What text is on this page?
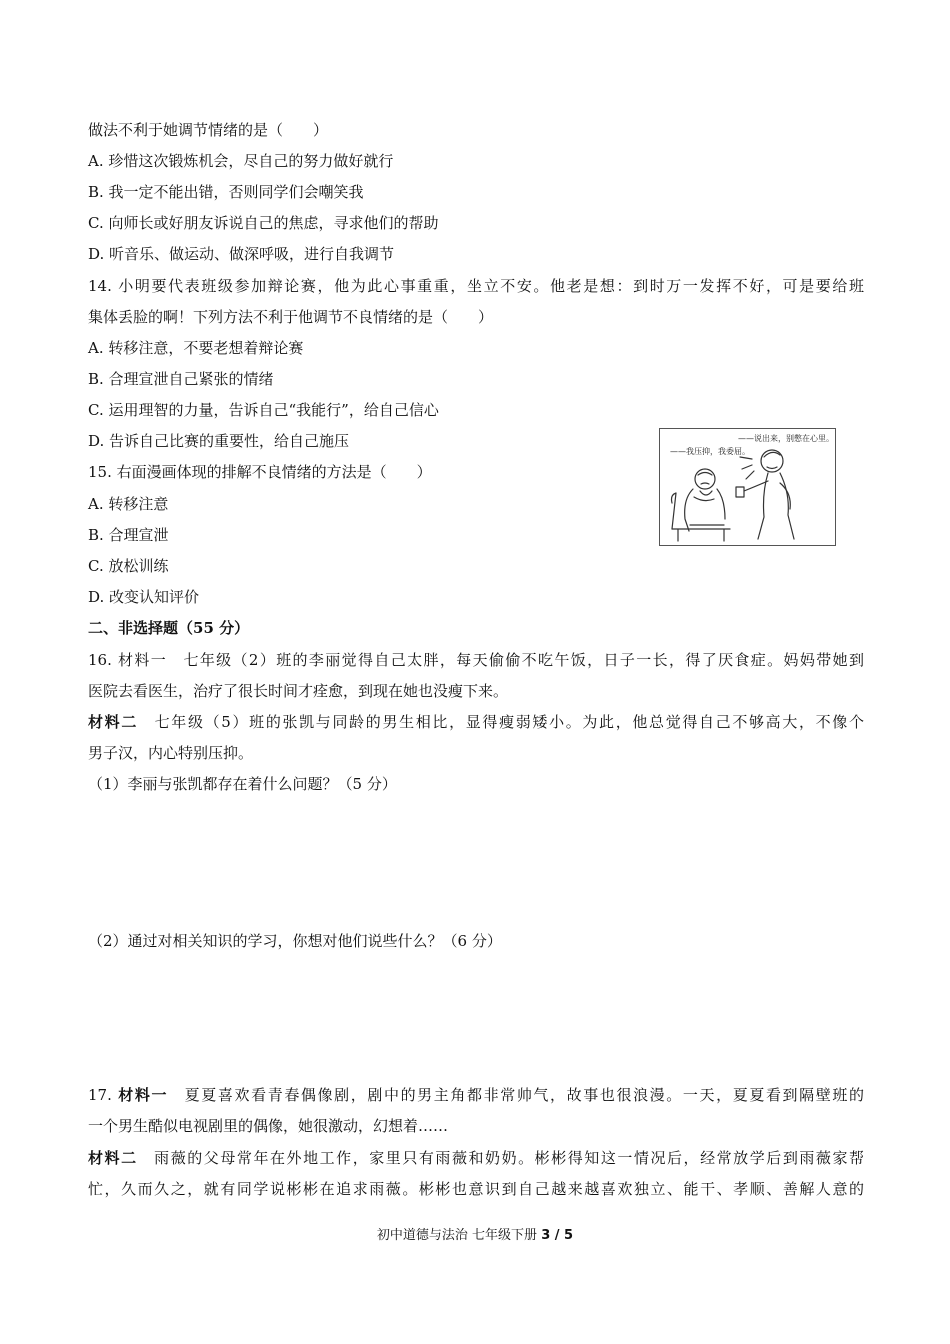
做法不利于她调节情绪的是（　　）
A. 珍惜这次锻炼机会，尽自己的努力做好就行
B. 我一定不能出错，否则同学们会嘲笑我
C. 向师长或好朋友诉说自己的焦虑，寻求他们的帮助
D. 听音乐、做运动、做深呼吸，进行自我调节
14. 小明要代表班级参加辩论赛，他为此心事重重，坐立不安。他老是想：到时万一发挥不好，可是要给班
集体丢脸的啊！下列方法不利于他调节不良情绪的是（　　）
A. 转移注意，不要老想着辩论赛
B. 合理宣泄自己紧张的情绪
C. 运用理智的力量，告诉自己“我能行”，给自己信心
D. 告诉自己比赛的重要性，给自己施压
15. 右面漫画体现的排解不良情绪的方法是（　　）
A. 转移注意
B. 合理宣泄
C. 放松训练
D. 改变认知评价
——说出来，别憋在心里。
——我压抑，我委屈。
二、非选择题（55 分）
16. 材料一　七年级（2）班的李丽觉得自己太胖，每天偷偷不吃午饭，日子一长，得了厌食症。妈妈带她到
医院去看医生，治疗了很长时间才痊愈，到现在她也没瘦下来。
材料二　七年级（5）班的张凯与同龄的男生相比，显得瘦弱矮小。为此，他总觉得自己不够高大，不像个
男子汉，内心特别压抑。
（1）李丽与张凯都存在着什么问题？（5 分）
（2）通过对相关知识的学习，你想对他们说些什么？（6 分）
17. 材料一　夏夏喜欢看青春偶像剧，剧中的男主角都非常帅气，故事也很浪漫。一天，夏夏看到隔壁班的
一个男生酷似电视剧里的偶像，她很激动，幻想着……
材料二　雨薇的父母常年在外地工作，家里只有雨薇和奶奶。彬彬得知这一情况后，经常放学后到雨薇家帮
忙，久而久之，就有同学说彬彬在追求雨薇。彬彬也意识到自己越来越喜欢独立、能干、孝顺、善解人意的
初中道德与法治 七年级下册 3 / 5
